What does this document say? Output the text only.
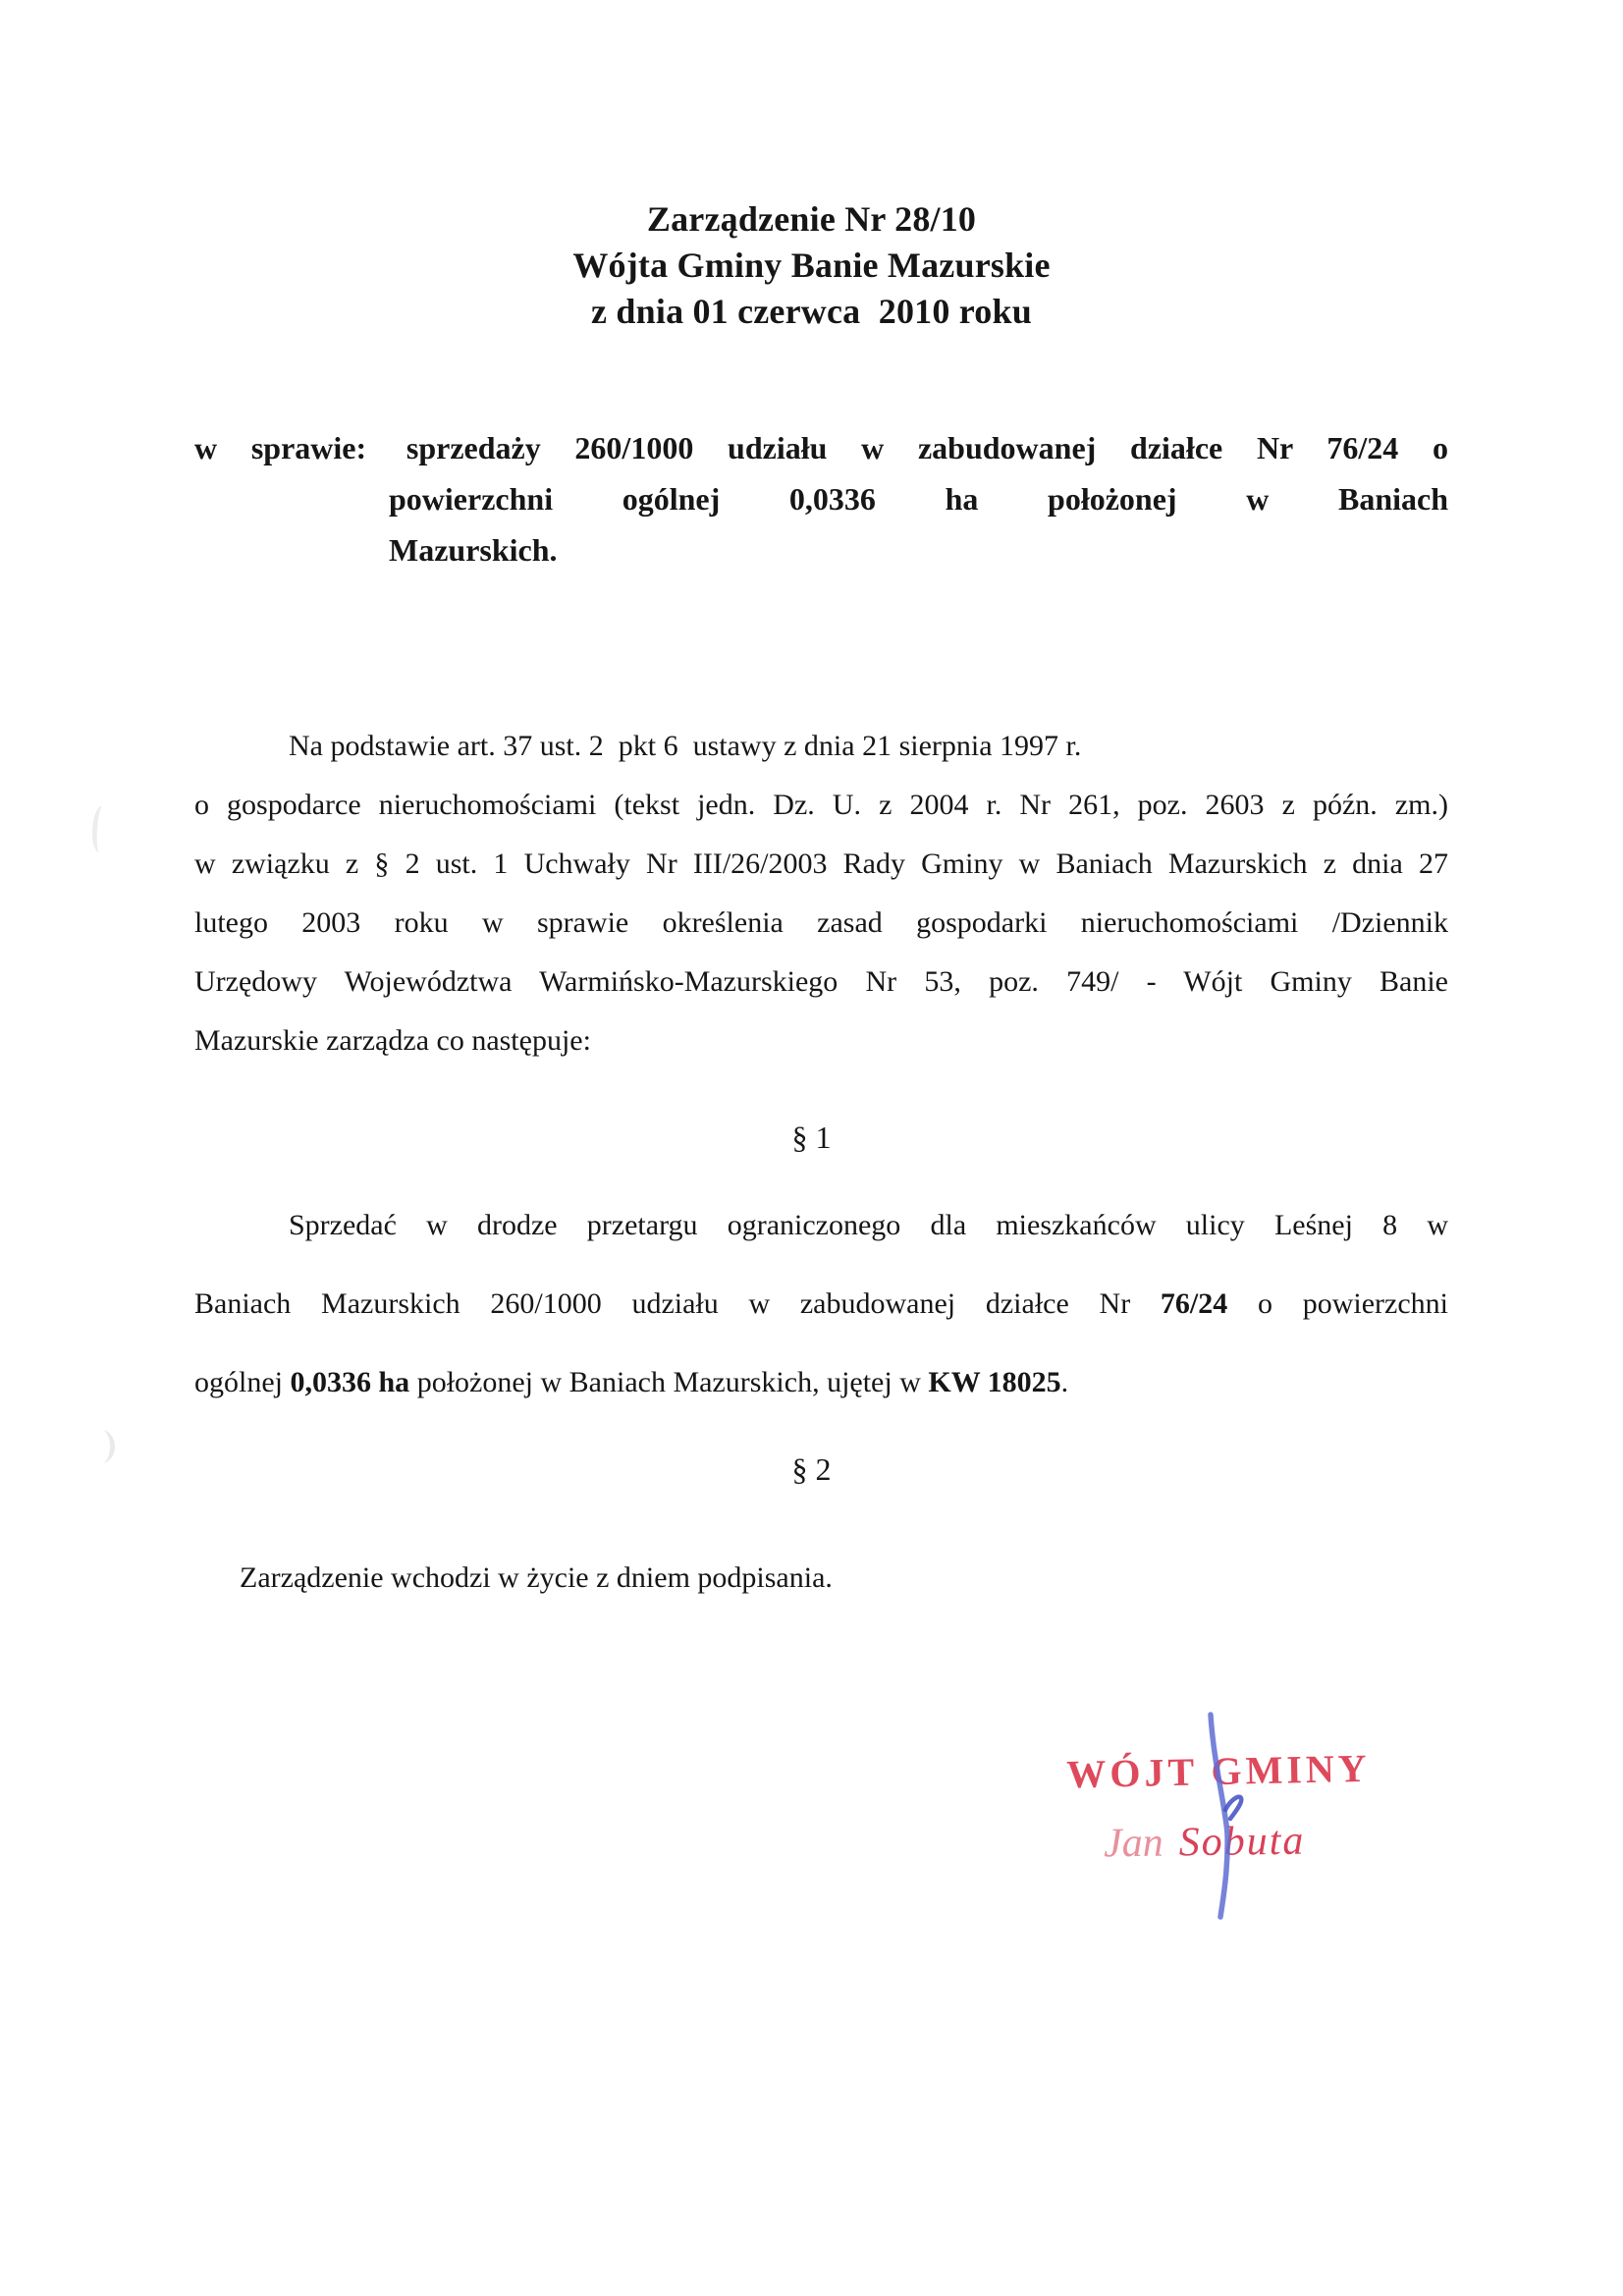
Zarządzenie Nr 28/10
Wójta Gminy Banie Mazurskie
z dnia 01 czerwca  2010 roku
w sprawie: sprzedaży 260/1000 udziału w zabudowanej działce Nr 76/24 o
powierzchni ogólnej 0,0336 ha położonej w Baniach
Mazurskich.
Na podstawie art. 37 ust. 2  pkt 6  ustawy z dnia 21 sierpnia 1997 r.
o gospodarce nieruchomościami (tekst jedn. Dz. U. z 2004 r. Nr 261, poz. 2603 z późn. zm.)
w związku z § 2 ust. 1 Uchwały Nr III/26/2003 Rady Gminy w Baniach Mazurskich z dnia 27
lutego 2003 roku w sprawie określenia zasad gospodarki nieruchomościami /Dziennik
Urzędowy Województwa Warmińsko-Mazurskiego Nr 53, poz. 749/ - Wójt Gminy Banie
Mazurskie zarządza co następuje:
§ 1
Sprzedać w drodze przetargu ograniczonego dla mieszkańców ulicy Leśnej 8 w
Baniach Mazurskich 260/1000 udziału w zabudowanej działce Nr 76/24 o powierzchni
ogólnej 0,0336 ha położonej w Baniach Mazurskich, ujętej w KW 18025.
§ 2
Zarządzenie wchodzi w życie z dniem podpisania.
WÓJT GMINY
Jan Sobuta
